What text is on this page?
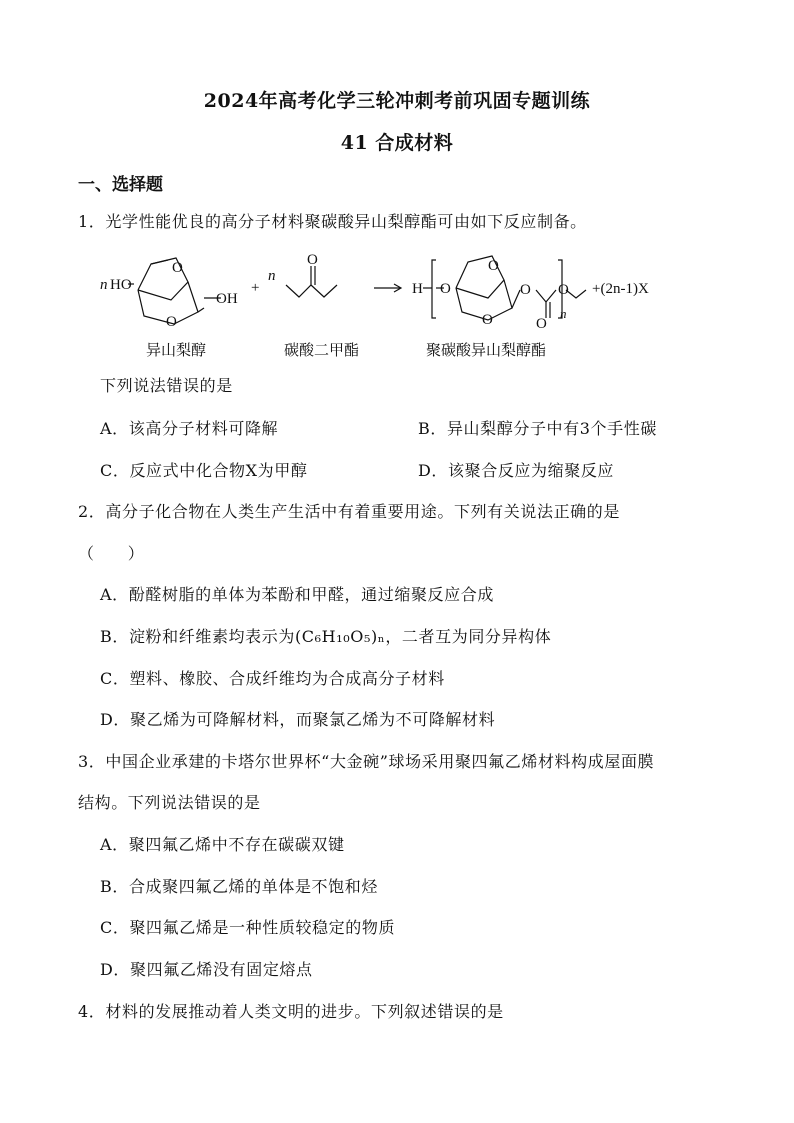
2024年高考化学三轮冲刺考前巩固专题训练
41 合成材料
一、选择题
1．光学性能优良的高分子材料聚碳酸异山梨醇酯可由如下反应制备。
n HO
OH
O
O
+
n
O
H O
O
O
O
O
O
n
+(2n-1)X
异山梨醇	碳酸二甲酯	聚碳酸异山梨醇酯
下列说法错误的是
A．该高分子材料可降解	B．异山梨醇分子中有3个手性碳
C．反应式中化合物X为甲醇	D．该聚合反应为缩聚反应
2．高分子化合物在人类生产生活中有着重要用途。下列有关说法正确的是
（　　）
A．酚醛树脂的单体为苯酚和甲醛，通过缩聚反应合成
B．淀粉和纤维素均表示为(C₆H₁₀O₅)ₙ，二者互为同分异构体
C．塑料、橡胶、合成纤维均为合成高分子材料
D．聚乙烯为可降解材料，而聚氯乙烯为不可降解材料
3．中国企业承建的卡塔尔世界杯“大金碗”球场采用聚四氟乙烯材料构成屋面膜
结构。下列说法错误的是
A．聚四氟乙烯中不存在碳碳双键
B．合成聚四氟乙烯的单体是不饱和烃
C．聚四氟乙烯是一种性质较稳定的物质
D．聚四氟乙烯没有固定熔点
4．材料的发展推动着人类文明的进步。下列叙述错误的是
